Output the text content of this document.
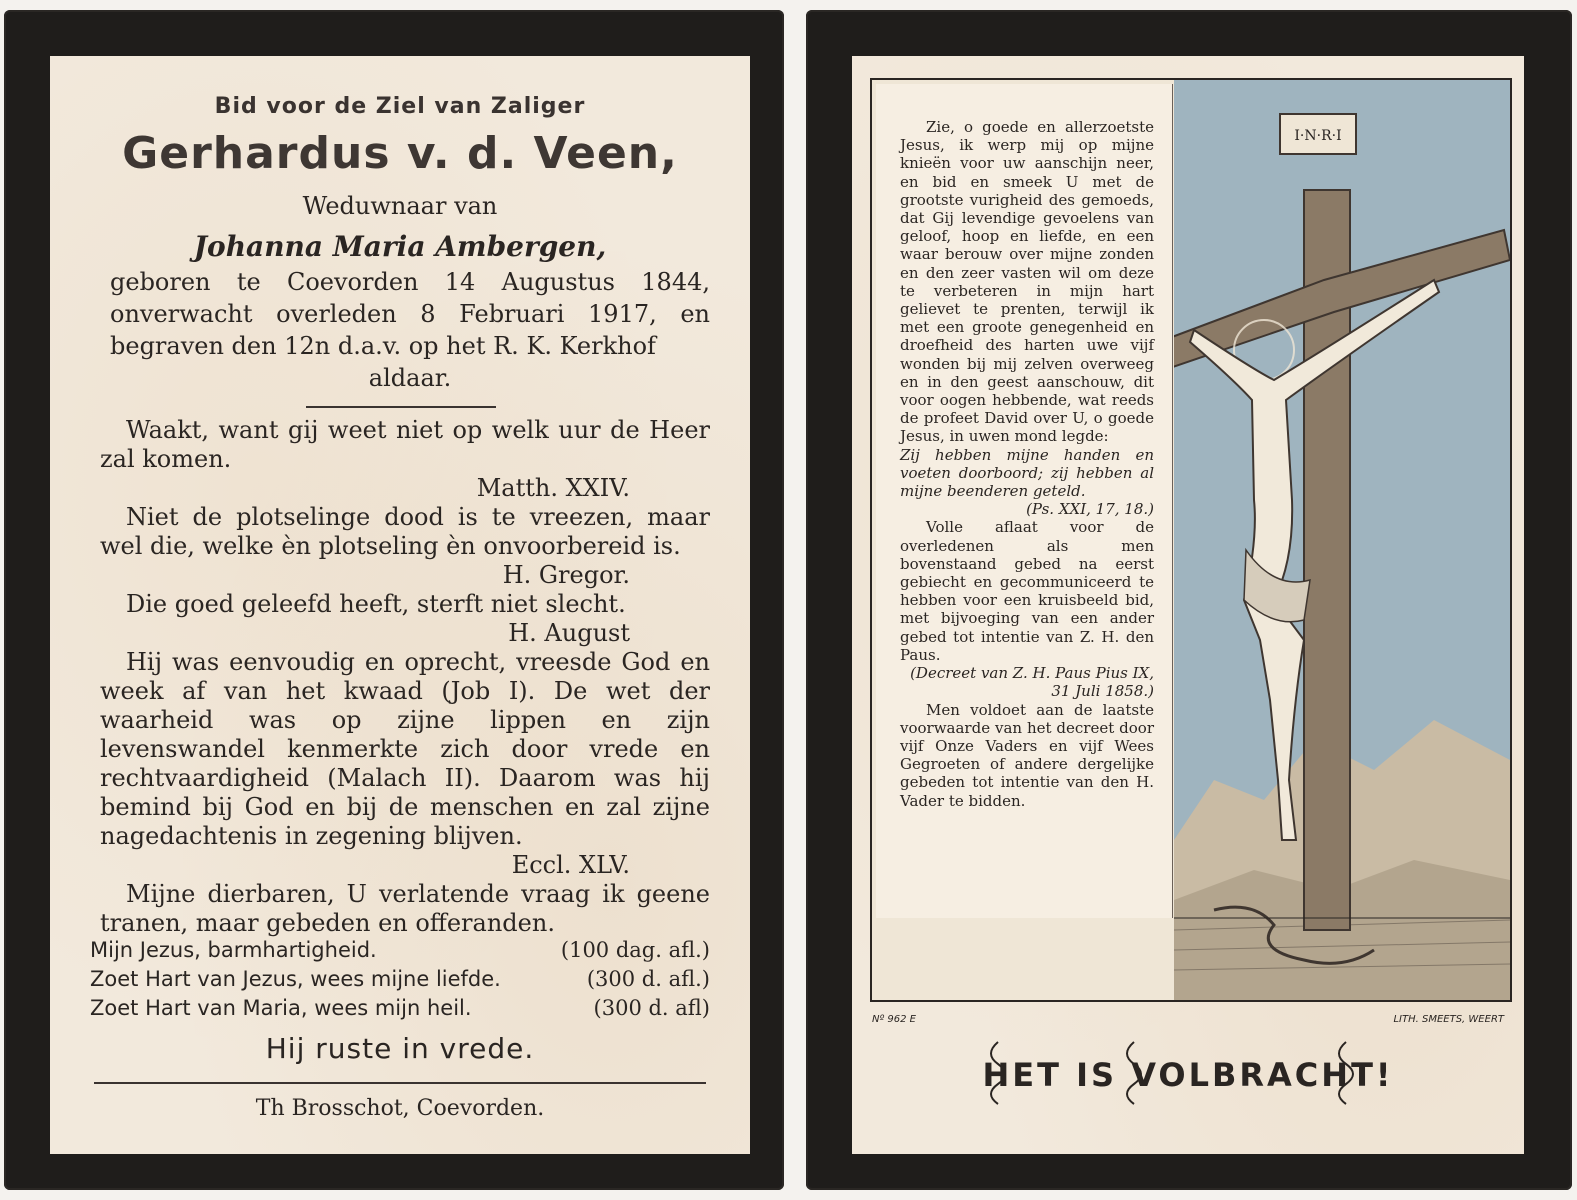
Bid voor de Ziel van Zaliger
Gerhardus v. d. Veen,
Weduwnaar van
Johanna Maria Ambergen,
geboren te Coevorden 14 Augustus 1844, onverwacht overleden 8 Februari 1917, en begraven den 12n d.a.v. op het R. K. Kerkhof
aldaar.
Waakt, want gij weet niet op welk uur de Heer zal komen.
Matth. XXIV.
Niet de plotselinge dood is te vreezen, maar wel die, welke èn plotseling èn onvoorbereid is.
H. Gregor.
Die goed geleefd heeft, sterft niet slecht.
H. August
Hij was eenvoudig en oprecht, vreesde God en week af van het kwaad (Job I). De wet der waarheid was op zijne lippen en zijn levenswandel kenmerkte zich door vrede en rechtvaardigheid (Malach II). Daarom was hij bemind bij God en bij de menschen en zal zijne nagedachtenis in zegening blijven.
Eccl. XLV.
Mijne dierbaren, U verlatende vraag ik geene tranen, maar gebeden en offeranden.
Mijn Jezus, barmhartigheid.	(100 dag. afl.)
Zoet Hart van Jezus, wees mijne liefde.	(300 d. afl.)
Zoet Hart van Maria, wees mijn heil.	(300 d. afl)
Hij ruste in vrede.
Th Brosschot, Coevorden.

Zie, o goede en allerzoetste Jesus, ik werp mij op mijne knieën voor uw aanschijn neer, en bid en smeek U met de grootste vurigheid des gemoeds, dat Gij levendige gevoelens van geloof, hoop en liefde, en een waar berouw over mijne zonden en den zeer vasten wil om deze te verbeteren in mijn hart gelievet te prenten, terwijl ik met een groote genegenheid en droefheid des harten uwe vijf wonden bij mij zelven overweeg en in den geest aanschouw, dit voor oogen hebbende, wat reeds de profeet David over U, o goede Jesus, in uwen mond legde:

Zij hebben mijne handen en voeten doorboord; zij hebben al mijne beenderen geteld.

(Ps. XXI, 17, 18.)

Volle aflaat voor de overledenen als men bovenstaand gebed na eerst gebiecht en gecommuniceerd te hebben voor een kruisbeeld bid, met bijvoeging van een ander gebed tot intentie van Z. H. den Paus.

(Decreet van Z. H. Paus Pius IX, 31 Juli 1858.)

Men voldoet aan de laatste voorwaarde van het decreet door vijf Onze Vaders en vijf Wees Gegroeten of andere dergelijke gebeden tot intentie van den H. Vader te bidden.

I·N·R·I
Nº 962 E	LITH. SMEETS, WEERT
HET IS VOLBRACHT!
